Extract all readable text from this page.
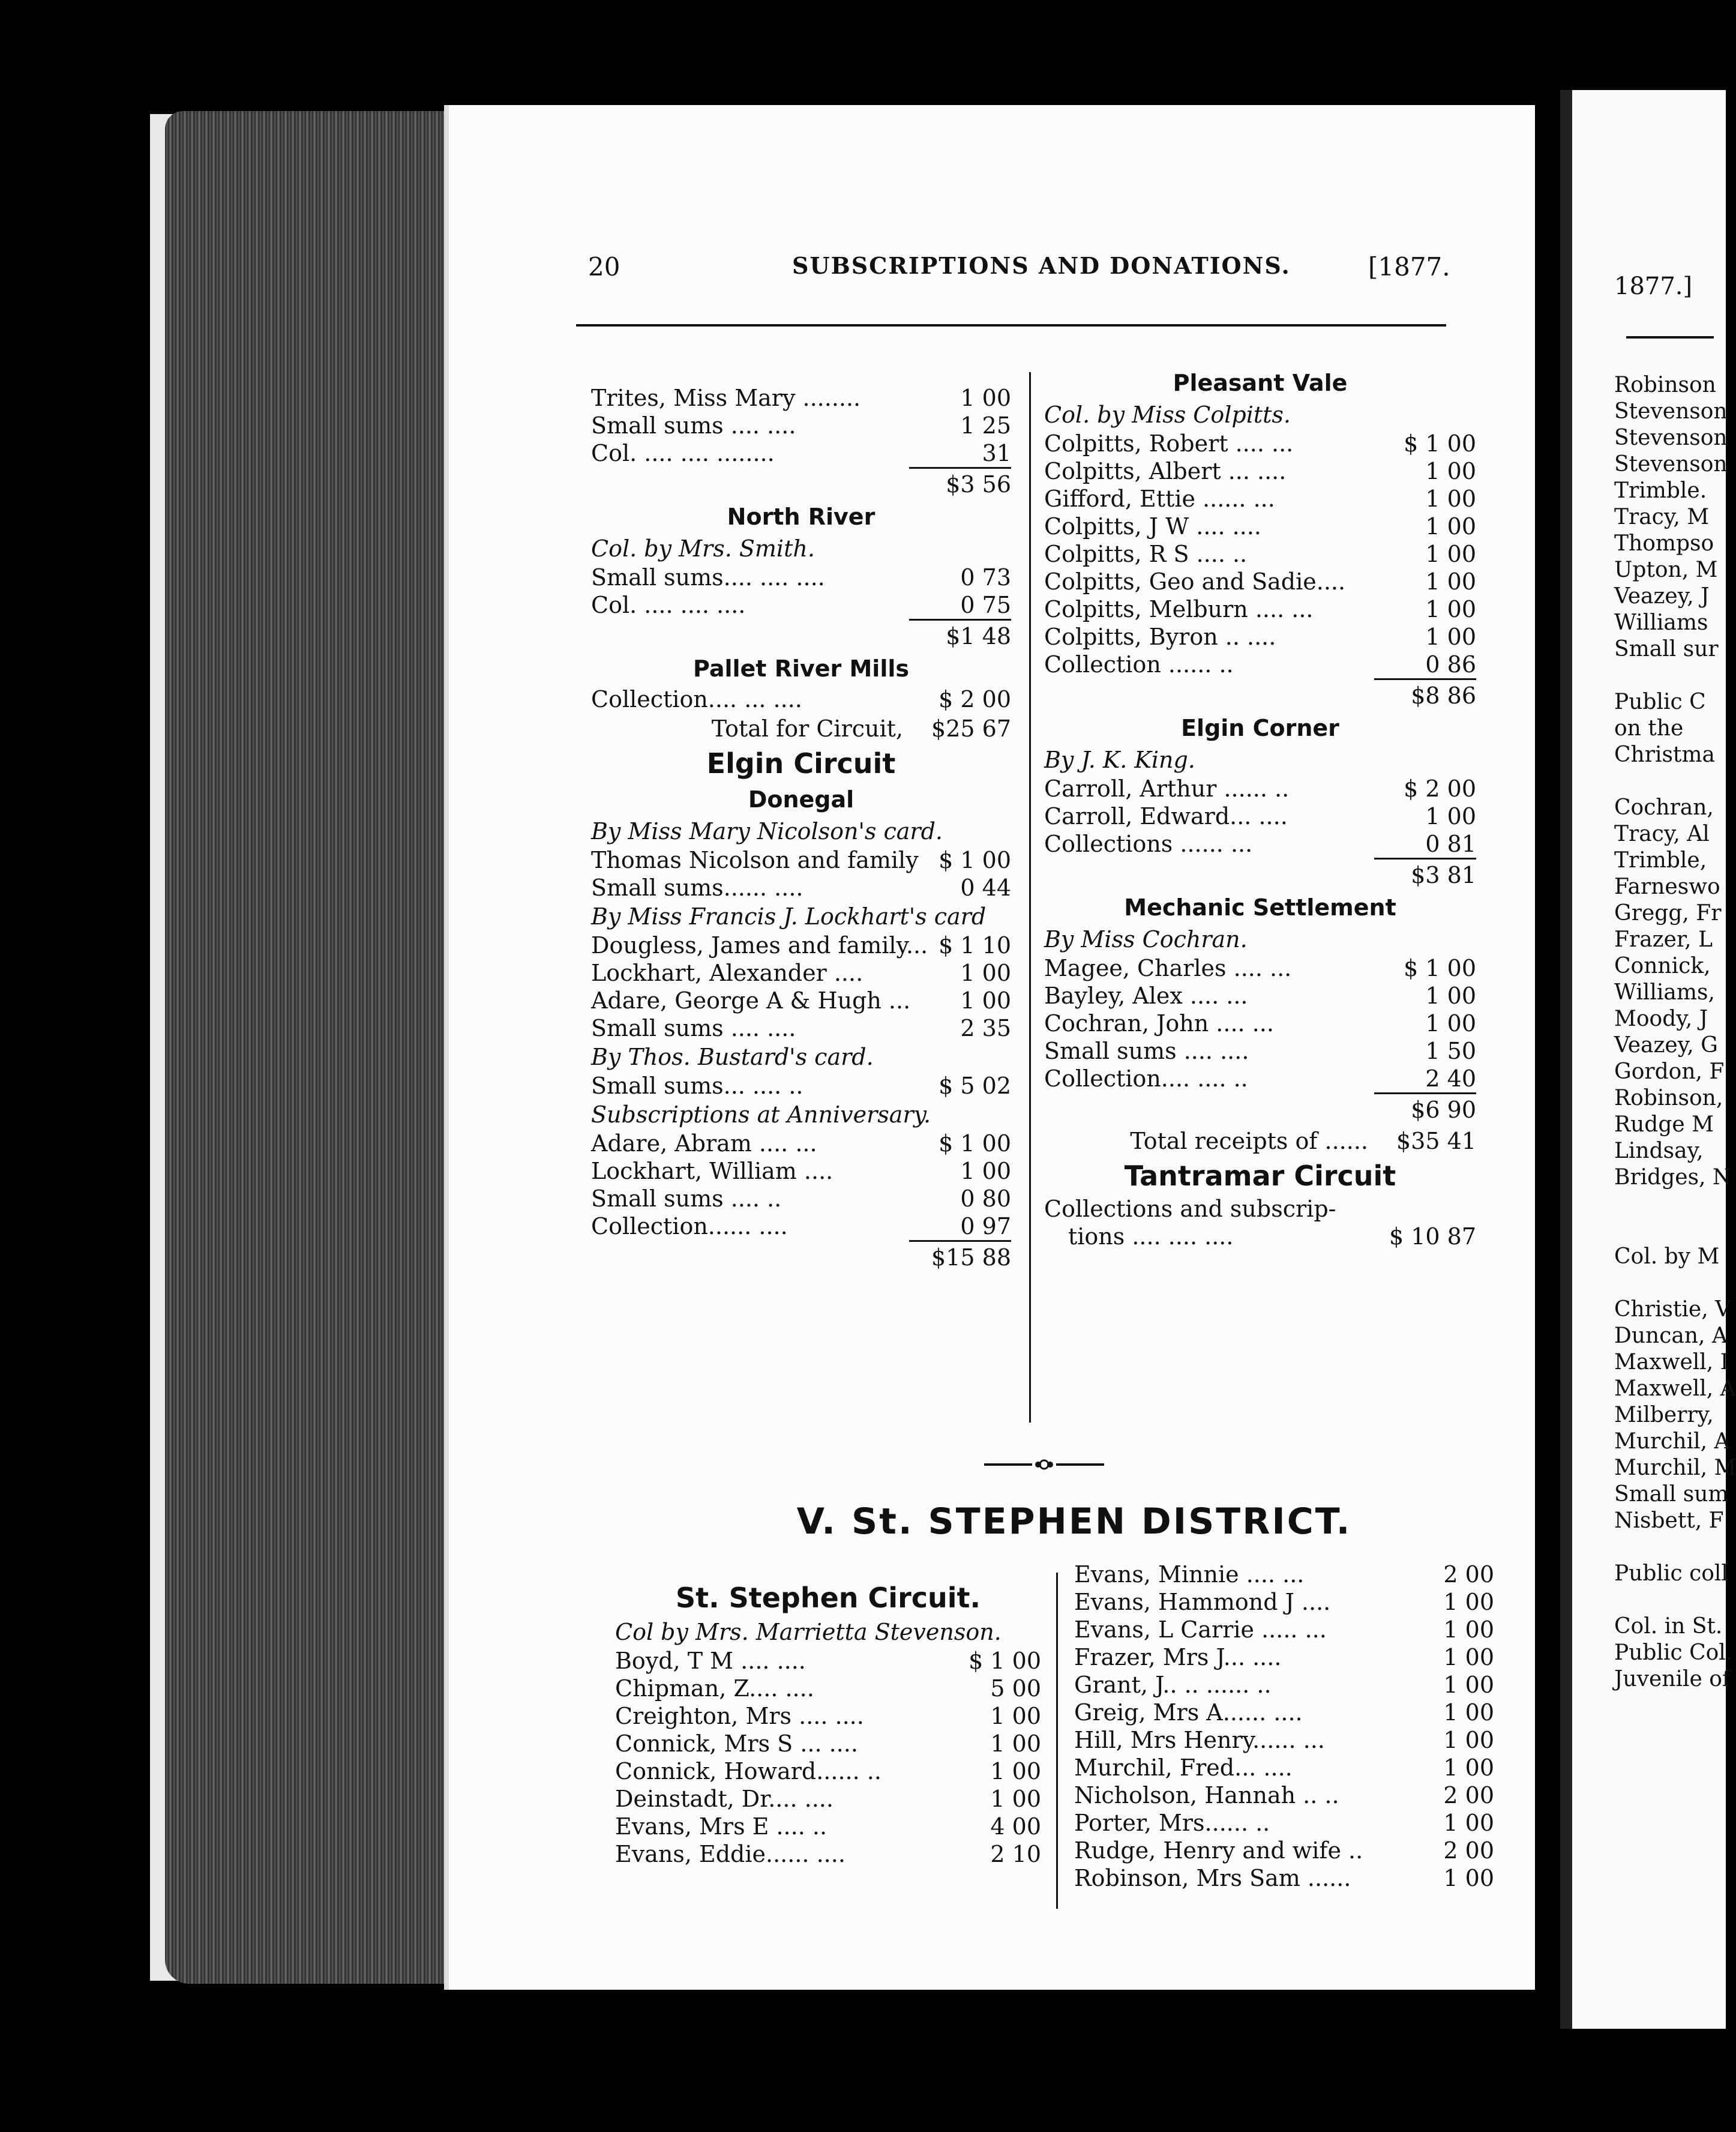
20	SUBSCRIPTIONS AND DONATIONS.	[1877.
Trites, Miss Mary ........	1 00
Small sums .... ....	1 25
Col. .... .... ........	31
$3 56
North River
Col. by Mrs. Smith.
Small sums.... .... ....	0 73
Col. .... .... ....	0 75
$1 48
Pallet River Mills
Collection.... ... ....	$ 2 00
Total for Circuit,	$25 67
Elgin Circuit
Donegal
By Miss Mary Nicolson's card.
Thomas Nicolson and family $ 1 00
Small sums...... ....	0 44
By Miss Francis J. Lockhart's card
Dougless, James and family... $ 1 10
Lockhart, Alexander ....	1 00
Adare, George A & Hugh ...	1 00
Small sums .... ....	2 35
By Thos. Bustard's card.
Small sums... .... ..	$ 5 02
Subscriptions at Anniversary.
Adare, Abram .... ...	$ 1 00
Lockhart, William ....	1 00
Small sums .... ..	0 80
Collection...... ....	0 97
$15 88
Pleasant Vale
Col. by Miss Colpitts.
Colpitts, Robert .... ...	$ 1 00
Colpitts, Albert ... ....	1 00
Gifford, Ettie ...... ...	1 00
Colpitts, J W .... ....	1 00
Colpitts, R S .... ..	1 00
Colpitts, Geo and Sadie....	1 00
Colpitts, Melburn .... ...	1 00
Colpitts, Byron .. ....	1 00
Collection ...... ..	0 86
$8 86
Elgin Corner
By J. K. King.
Carroll, Arthur ...... ..	$ 2 00
Carroll, Edward... ....	1 00
Collections ...... ...	0 81
$3 81
Mechanic Settlement
By Miss Cochran.
Magee, Charles .... ...	$ 1 00
Bayley, Alex .... ...	1 00
Cochran, John .... ...	1 00
Small sums .... ....	1 50
Collection.... .... ..	2 40
$6 90
Total receipts of ......	$35 41
Tantramar Circuit
Collections and subscrip-
tions .... .... ....	$ 10 87
V. St. STEPHEN DISTRICT.
St. Stephen Circuit.
Col by Mrs. Marrietta Stevenson.
Boyd, T M .... ....	$ 1 00
Chipman, Z.... ....	5 00
Creighton, Mrs .... ....	1 00
Connick, Mrs S ... ....	1 00
Connick, Howard...... ..	1 00
Deinstadt, Dr.... ....	1 00
Evans, Mrs E .... ..	4 00
Evans, Eddie...... ....	2 10
Evans, Minnie .... ...	2 00
Evans, Hammond J ....	1 00
Evans, L Carrie ..... ...	1 00
Frazer, Mrs J... ....	1 00
Grant, J.. .. ...... ..	1 00
Greig, Mrs A...... ....	1 00
Hill, Mrs Henry...... ...	1 00
Murchil, Fred... ....	1 00
Nicholson, Hannah .. ..	2 00
Porter, Mrs...... ..	1 00
Rudge, Henry and wife ..	2 00
Robinson, Mrs Sam ......	1 00
1877.]
Robinson
Stevenson
Stevenson
Stevenson
Trimble.
Tracy, M
Thompso
Upton, M
Veazey, J
Williams
Small sur
Public C
on the
Christma
Cochran,
Tracy, Al
Trimble,
Farneswo
Gregg, Fr
Frazer, L
Connick,
Williams,
Moody, J
Veazey, G
Gordon, F
Robinson,
Rudge M
Lindsay,
Bridges, N
Col. by M
Christie, V
Duncan, A
Maxwell, I
Maxwell, A
Milberry,
Murchil, A
Murchil, M
Small sum
Nisbett, F
Public coll
Col. in St.
Public Col.
Juvenile of
